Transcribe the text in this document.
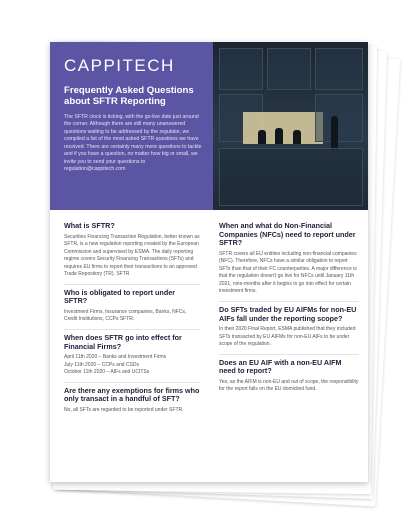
CAPPITECH
Frequently Asked Questions about SFTR Reporting
The SFTR clock is ticking, with the go-live date just around the corner. Although there are still many unanswered questions waiting to be addressed by the regulator, we compiled a list of the most asked SFTR questions we have received. There are certainly many more questions to tackle and if you have a question, no matter how big or small, we invite you to send your questions to regulation@cappitech.com
What is SFTR?
Securities Financing Transaction Regulation, better known as SFTR, is a new regulation reporting created by the European Commission and supervised by ESMA. The daily reporting regime covers Security Financing Transactions (SFTs) and requires EU firms to report their transactions to an approved Trade Repository (TR). SFTR
Who is obligated to report under SFTR?
Investment Firms, Insurance companies, Banks, NFCs, Credit Institutions, CCPs SFTR.
When does SFTR go into effect for Financial Firms?
April 11th 2020 – Banks and Investment Firms
July 11th 2020 – CCPs and CSDs
October 11th 2020 – AIFs and UCITSs
Are there any exemptions for firms who only transact in a handful of SFT?
No, all SFTs are regarded to be reported under SFTR.
When and what do Non-Financial Companies (NFCs) need to report under SFTR?
SFTR covers all EU entities including non-financial companies (NFC). Therefore, NFCs have a similar obligation to report SFTs than that of their FC counterparties. A major difference is that the regulation doesn't go live for NFCs until January 11th 2021, nine-months after it begins to go into effect for certain investment firms.
Do SFTs traded by EU AIFMs for non-EU AIFs fall under the reporting scope?
In their 2020 Final Report, ESMA published that they included SFTs transacted by EU AIFMs for non-EU AIFs to be under scope of the regulation.
Does an EU AIF with a non-EU AIFM need to report?
Yes, as the AIFM is non-EU and out of scope, the responsibility for the report falls on the EU domiciled fund.
